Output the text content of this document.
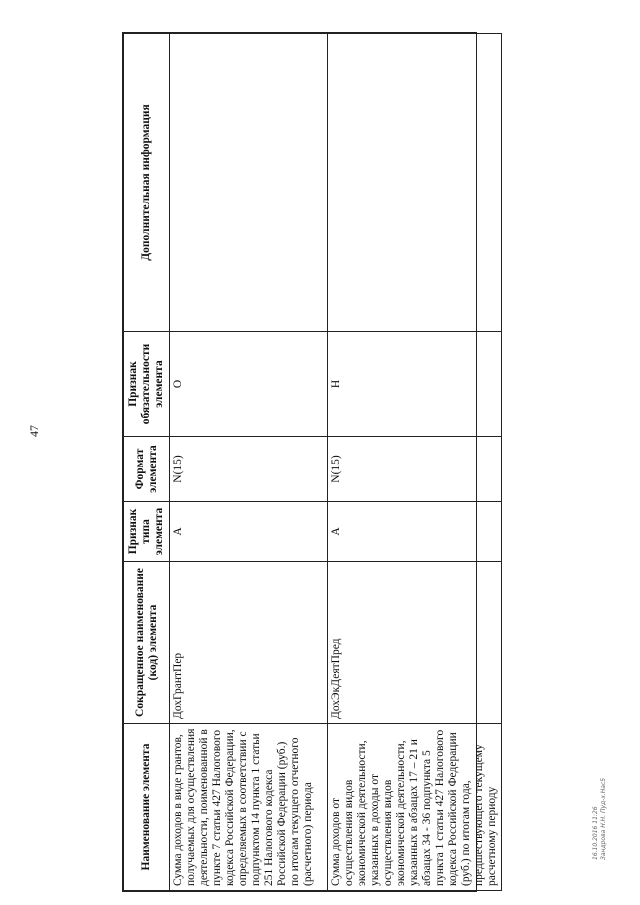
47
Наименование элемента	Сокращенное наименование (код) элемента	Признак типа элемента	Формат элемента	Признак обязательности элемента	Дополнительная информация
Сумма доходов в виде грантов, получаемых для осуществления деятельности, поименованной в пункте 7 статьи 427 Налогового кодекса Российской Федерации, определяемых в соответствии с подпунктом 14 пункта 1 статьи 251 Налогового кодекса Российской Федерации (руб.) по итогам текущего отчетного (расчетного) периода	ДохГрантПер	А	N(15)	О	
Сумма доходов от осуществления видов экономической деятельности, указанных в доходы от осуществления видов экономической деятельности, указанных в абзацах 17 – 21 и абзацах 34 - 36 подпункта 5 пункта 1 статьи 427 Налогового кодекса Российской Федерации (руб.) по итогам года, предшествующего текущему расчетному периоду	ДохЭкДеятПред	А	N(15)	Н	
16.10.2016 11:26 Зандрова Н.Н. Пуд-х.Нас5
